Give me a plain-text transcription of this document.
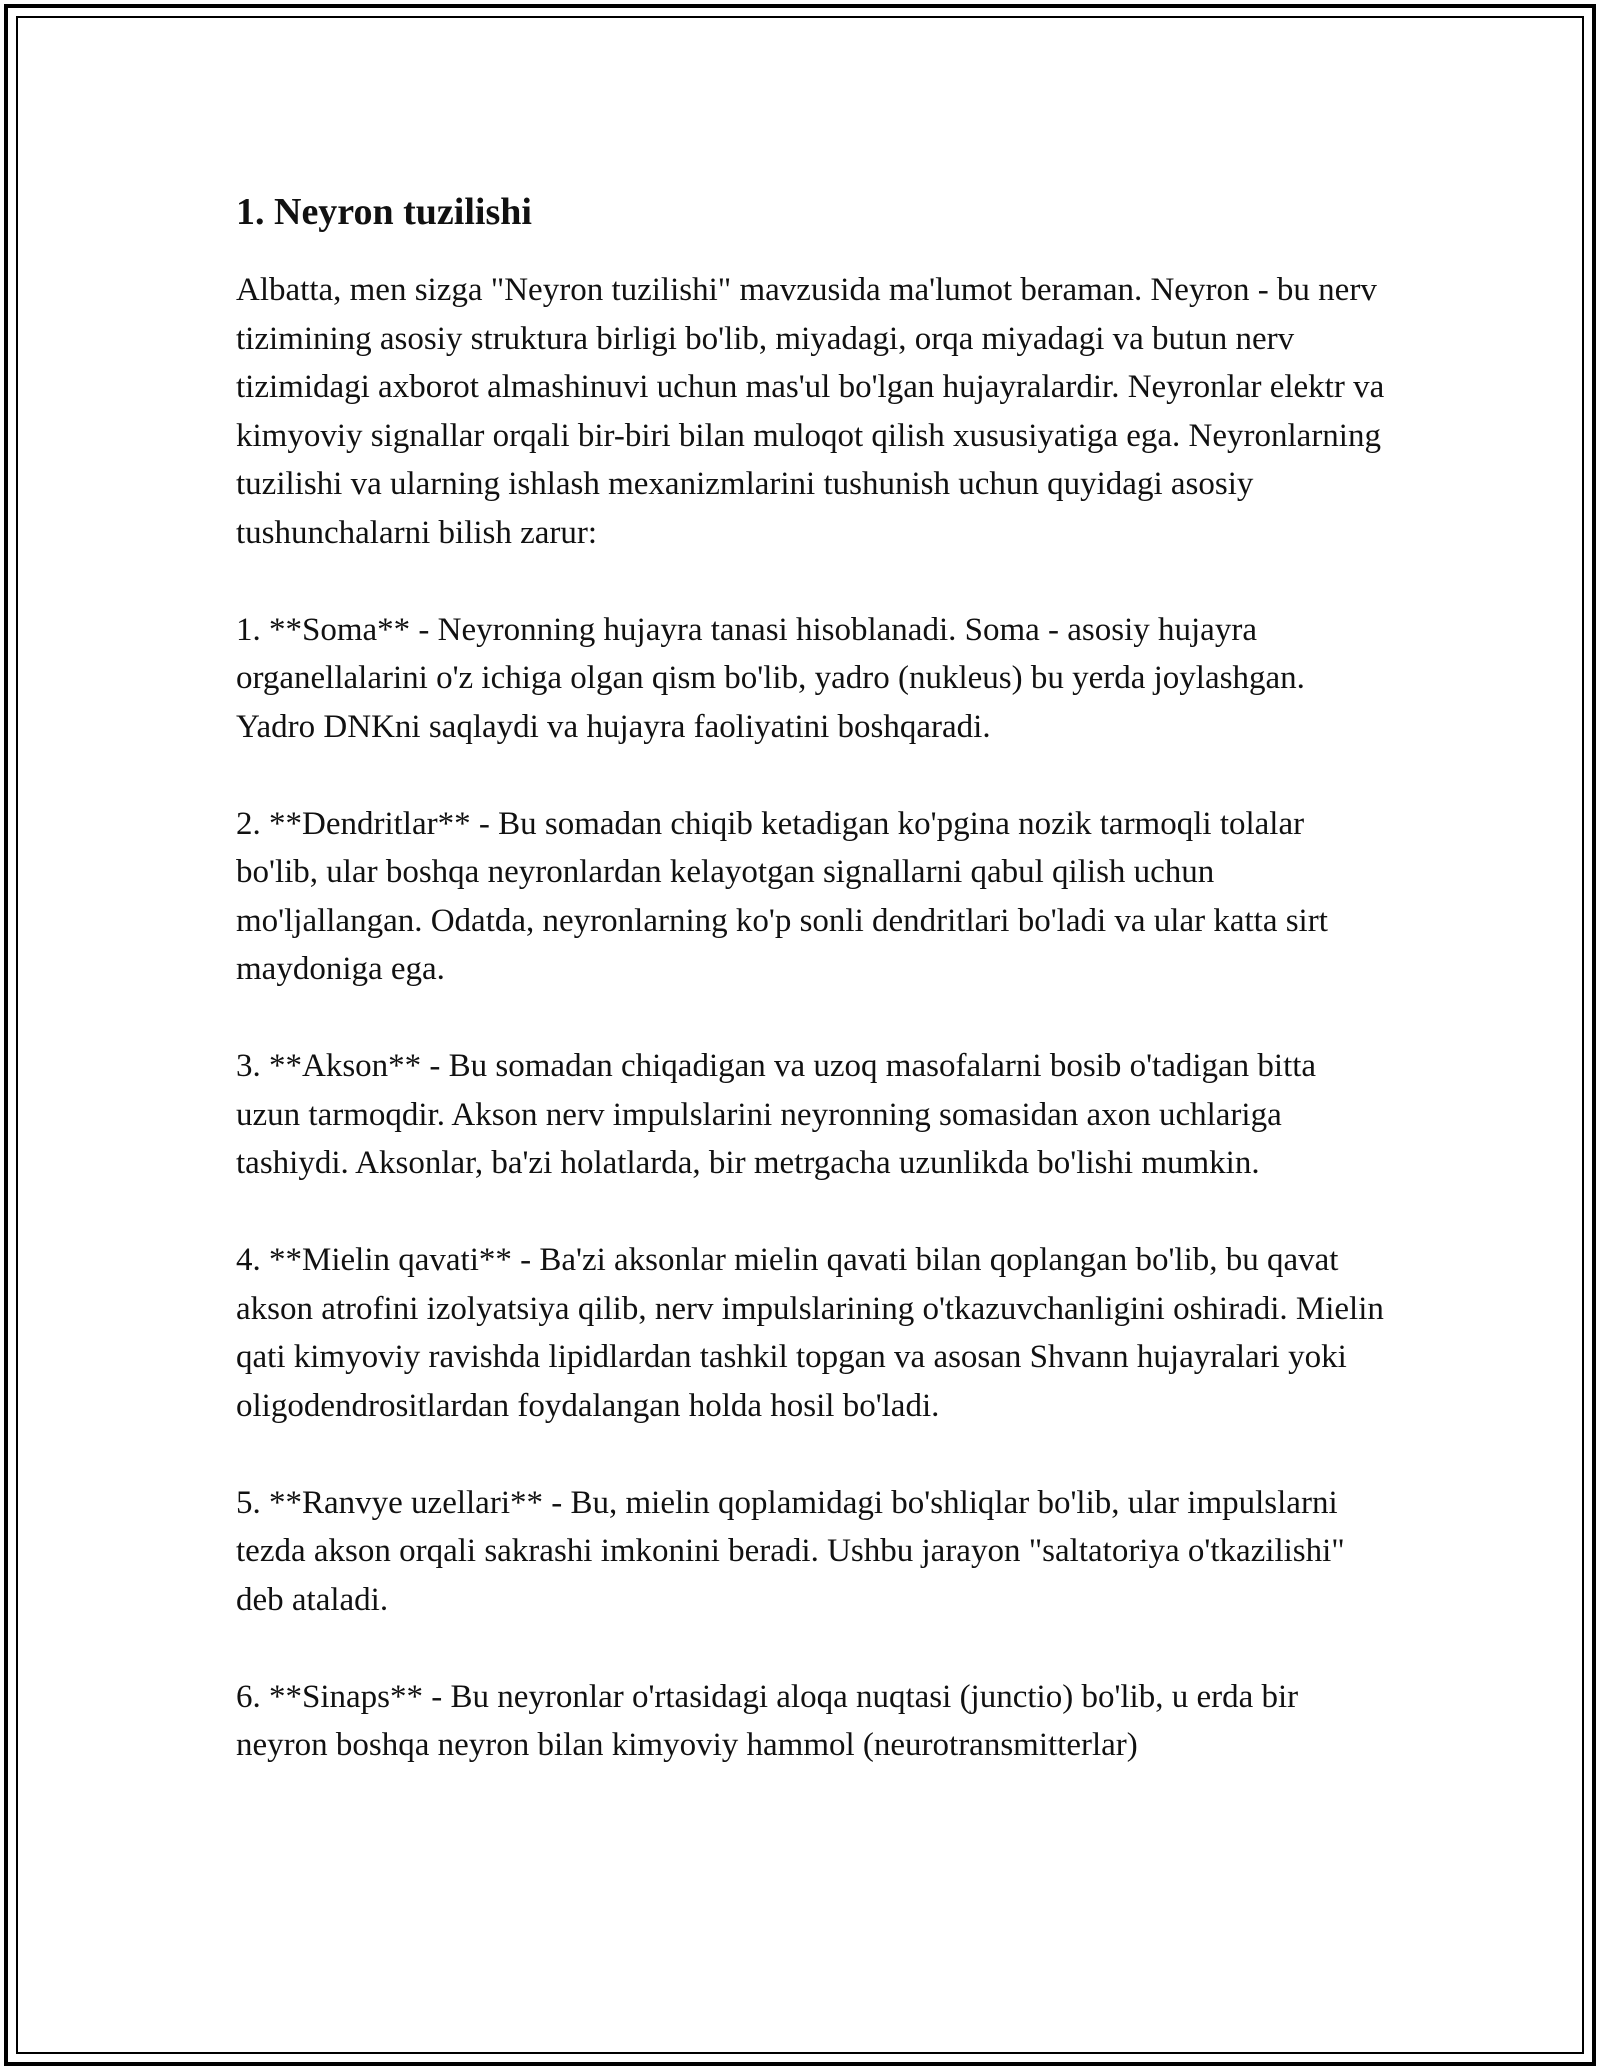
1. Neyron tuzilishi

Albatta, men sizga "Neyron tuzilishi" mavzusida ma'lumot beraman. Neyron - bu nerv tizimining asosiy struktura birligi bo'lib, miyadagi, orqa miyadagi va butun nerv tizimidagi axborot almashinuvi uchun mas'ul bo'lgan hujayralardir. Neyronlar elektr va kimyoviy signallar orqali bir-biri bilan muloqot qilish xususiyatiga ega. Neyronlarning tuzilishi va ularning ishlash mexanizmlarini tushunish uchun quyidagi asosiy tushunchalarni bilish zarur:

1. **Soma** - Neyronning hujayra tanasi hisoblanadi. Soma - asosiy hujayra organellalarini o'z ichiga olgan qism bo'lib, yadro (nukleus) bu yerda joylashgan. Yadro DNKni saqlaydi va hujayra faoliyatini boshqaradi.

2. **Dendritlar** - Bu somadan chiqib ketadigan ko'pgina nozik tarmoqli tolalar bo'lib, ular boshqa neyronlardan kelayotgan signallarni qabul qilish uchun mo'ljallangan. Odatda, neyronlarning ko'p sonli dendritlari bo'ladi va ular katta sirt maydoniga ega.

3. **Akson** - Bu somadan chiqadigan va uzoq masofalarni bosib o'tadigan bitta uzun tarmoqdir. Akson nerv impulslarini neyronning somasidan axon uchlariga tashiydi. Aksonlar, ba'zi holatlarda, bir metrgacha uzunlikda bo'lishi mumkin.

4. **Mielin qavati** - Ba'zi aksonlar mielin qavati bilan qoplangan bo'lib, bu qavat akson atrofini izolyatsiya qilib, nerv impulslarining o'tkazuvchanligini oshiradi. Mielin qati kimyoviy ravishda lipidlardan tashkil topgan va asosan Shvann hujayralari yoki oligodendrositlardan foydalangan holda hosil bo'ladi.

5. **Ranvye uzellari** - Bu, mielin qoplamidagi bo'shliqlar bo'lib, ular impulslarni tezda akson orqali sakrashi imkonini beradi. Ushbu jarayon "saltatoriya o'tkazilishi" deb ataladi.

6. **Sinaps** - Bu neyronlar o'rtasidagi aloqa nuqtasi (junctio) bo'lib, u erda bir neyron boshqa neyron bilan kimyoviy hammol (neurotransmitterlar)
